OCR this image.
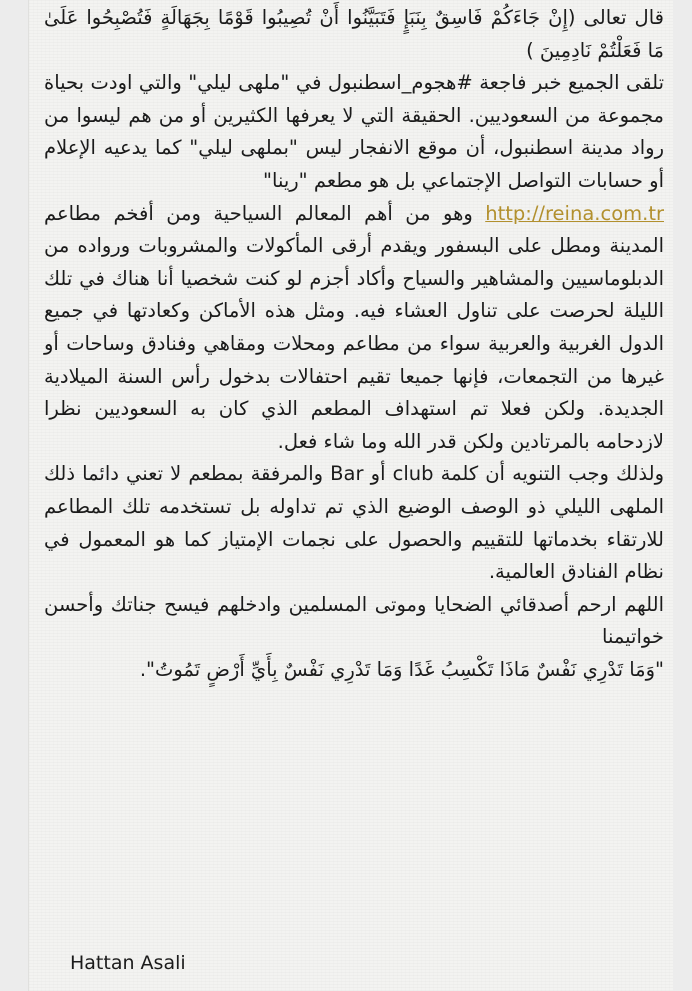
قال تعالى (إِنْ جَاءَكُمْ فَاسِقٌ بِنَبَإٍ فَتَبَيَّنُوا أَنْ تُصِيبُوا قَوْمًا بِجَهَالَةٍ فَتُصْبِحُوا عَلَىٰ مَا فَعَلْتُمْ نَادِمِينَ )

تلقى الجميع خبر فاجعة #هجوم_اسطنبول في "ملهى ليلي" والتي اودت بحياة مجموعة من السعوديين. الحقيقة التي لا يعرفها الكثيرين أو من هم ليسوا من رواد مدينة اسطنبول، أن موقع الانفجار ليس "بملهى ليلي" كما يدعيه الإعلام أو حسابات التواصل الإجتماعي بل هو مطعم "رينا"

http://reina.com.tr وهو من أهم المعالم السياحية ومن أفخم مطاعم المدينة ومطل على البسفور ويقدم أرقى المأكولات والمشروبات ورواده من الدبلوماسيين والمشاهير والسياح وأكاد أجزم لو كنت شخصيا أنا هناك في تلك الليلة لحرصت على تناول العشاء فيه. ومثل هذه الأماكن وكعادتها في جميع الدول الغربية والعربية سواء من مطاعم ومحلات ومقاهي وفنادق وساحات أو غيرها من التجمعات، فإنها جميعا تقيم احتفالات بدخول رأس السنة الميلادية الجديدة. ولكن فعلا تم استهداف المطعم الذي كان به السعوديين نظرا لازدحامه بالمرتادين ولكن قدر الله وما شاء فعل.

ولذلك وجب التنويه أن كلمة club أو Bar والمرفقة بمطعم لا تعني دائما ذلك الملهى الليلي ذو الوصف الوضيع الذي تم تداوله بل تستخدمه تلك المطاعم للارتقاء بخدماتها للتقييم والحصول على نجمات الإمتياز كما هو المعمول في نظام الفنادق العالمية.

اللهم ارحم أصدقائي الضحايا وموتى المسلمين وادخلهم فيسح جناتك وأحسن خواتيمنا

"وَمَا تَدْرِي نَفْسٌ مَاذَا تَكْسِبُ غَدًا وَمَا تَدْرِي نَفْسٌ بِأَيِّ أَرْضٍ تَمُوتُ".

Hattan Asali
